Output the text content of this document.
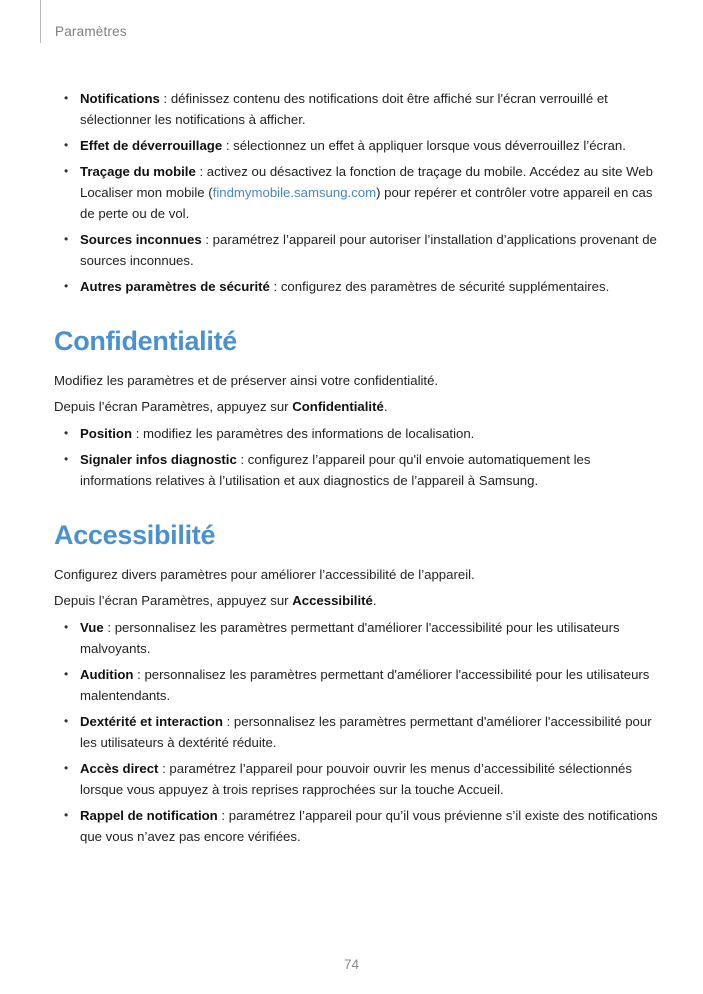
Paramètres
• Notifications : définissez contenu des notifications doit être affiché sur l'écran verrouillé et sélectionner les notifications à afficher.
• Effet de déverrouillage : sélectionnez un effet à appliquer lorsque vous déverrouillez l’écran.
• Traçage du mobile : activez ou désactivez la fonction de traçage du mobile. Accédez au site Web Localiser mon mobile (findmymobile.samsung.com) pour repérer et contrôler votre appareil en cas de perte ou de vol.
• Sources inconnues : paramétrez l’appareil pour autoriser l’installation d’applications provenant de sources inconnues.
• Autres paramètres de sécurité : configurez des paramètres de sécurité supplémentaires.
Confidentialité
Modifiez les paramètres et de préserver ainsi votre confidentialité.
Depuis l’écran Paramètres, appuyez sur Confidentialité.
• Position : modifiez les paramètres des informations de localisation.
• Signaler infos diagnostic : configurez l’appareil pour qu'il envoie automatiquement les informations relatives à l’utilisation et aux diagnostics de l’appareil à Samsung.
Accessibilité
Configurez divers paramètres pour améliorer l’accessibilité de l’appareil.
Depuis l’écran Paramètres, appuyez sur Accessibilité.
• Vue : personnalisez les paramètres permettant d'améliorer l'accessibilité pour les utilisateurs malvoyants.
• Audition : personnalisez les paramètres permettant d'améliorer l'accessibilité pour les utilisateurs malentendants.
• Dextérité et interaction : personnalisez les paramètres permettant d'améliorer l'accessibilité pour les utilisateurs à dextérité réduite.
• Accès direct : paramétrez l’appareil pour pouvoir ouvrir les menus d’accessibilité sélectionnés lorsque vous appuyez à trois reprises rapprochées sur la touche Accueil.
• Rappel de notification : paramétrez l’appareil pour qu’il vous prévienne s’il existe des notifications que vous n’avez pas encore vérifiées.
74
